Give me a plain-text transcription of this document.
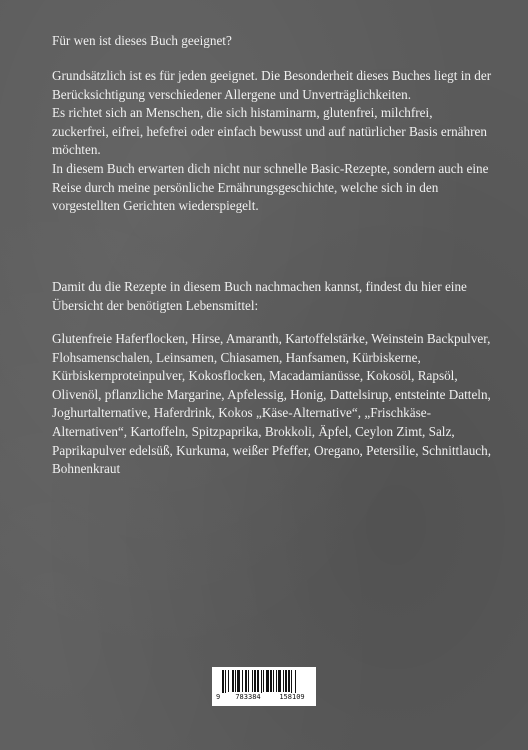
Für wen ist dieses Buch geeignet?

Grundsätzlich ist es für jeden geeignet. Die Besonderheit dieses Buches liegt in der Berücksichtigung verschiedener Allergene und Unverträglichkeiten.

Es richtet sich an Menschen, die sich histaminarm, glutenfrei, milchfrei, zuckerfrei, eifrei, hefefrei oder einfach bewusst und auf natürlicher Basis ernähren möchten.

In diesem Buch erwarten dich nicht nur schnelle Basic-Rezepte, sondern auch eine Reise durch meine persönliche Ernährungsgeschichte, welche sich in den vorgestellten Gerichten wiederspiegelt.

Damit du die Rezepte in diesem Buch nachmachen kannst, findest du hier eine Übersicht der benötigten Lebensmittel:

Glutenfreie Haferflocken, Hirse, Amaranth, Kartoffelstärke, Weinstein Backpulver, Flohsamenschalen, Leinsamen, Chiasamen, Hanfsamen, Kürbiskerne, Kürbiskernproteinpulver, Kokosflocken, Macadamianüsse, Kokosöl, Rapsöl, Olivenöl, pflanzliche Margarine, Apfelessig, Honig, Dattelsirup, entsteinte Datteln, Joghurtalternative, Haferdrink, Kokos „Käse-Alternative“, „Frischkäse-Alternativen“, Kartoffeln, Spitzpaprika, Brokkoli, Äpfel, Ceylon Zimt, Salz, Paprikapulver edelsüß, Kurkuma, weißer Pfeffer, Oregano, Petersilie, Schnittlauch, Bohnenkraut

9	783384	158109
